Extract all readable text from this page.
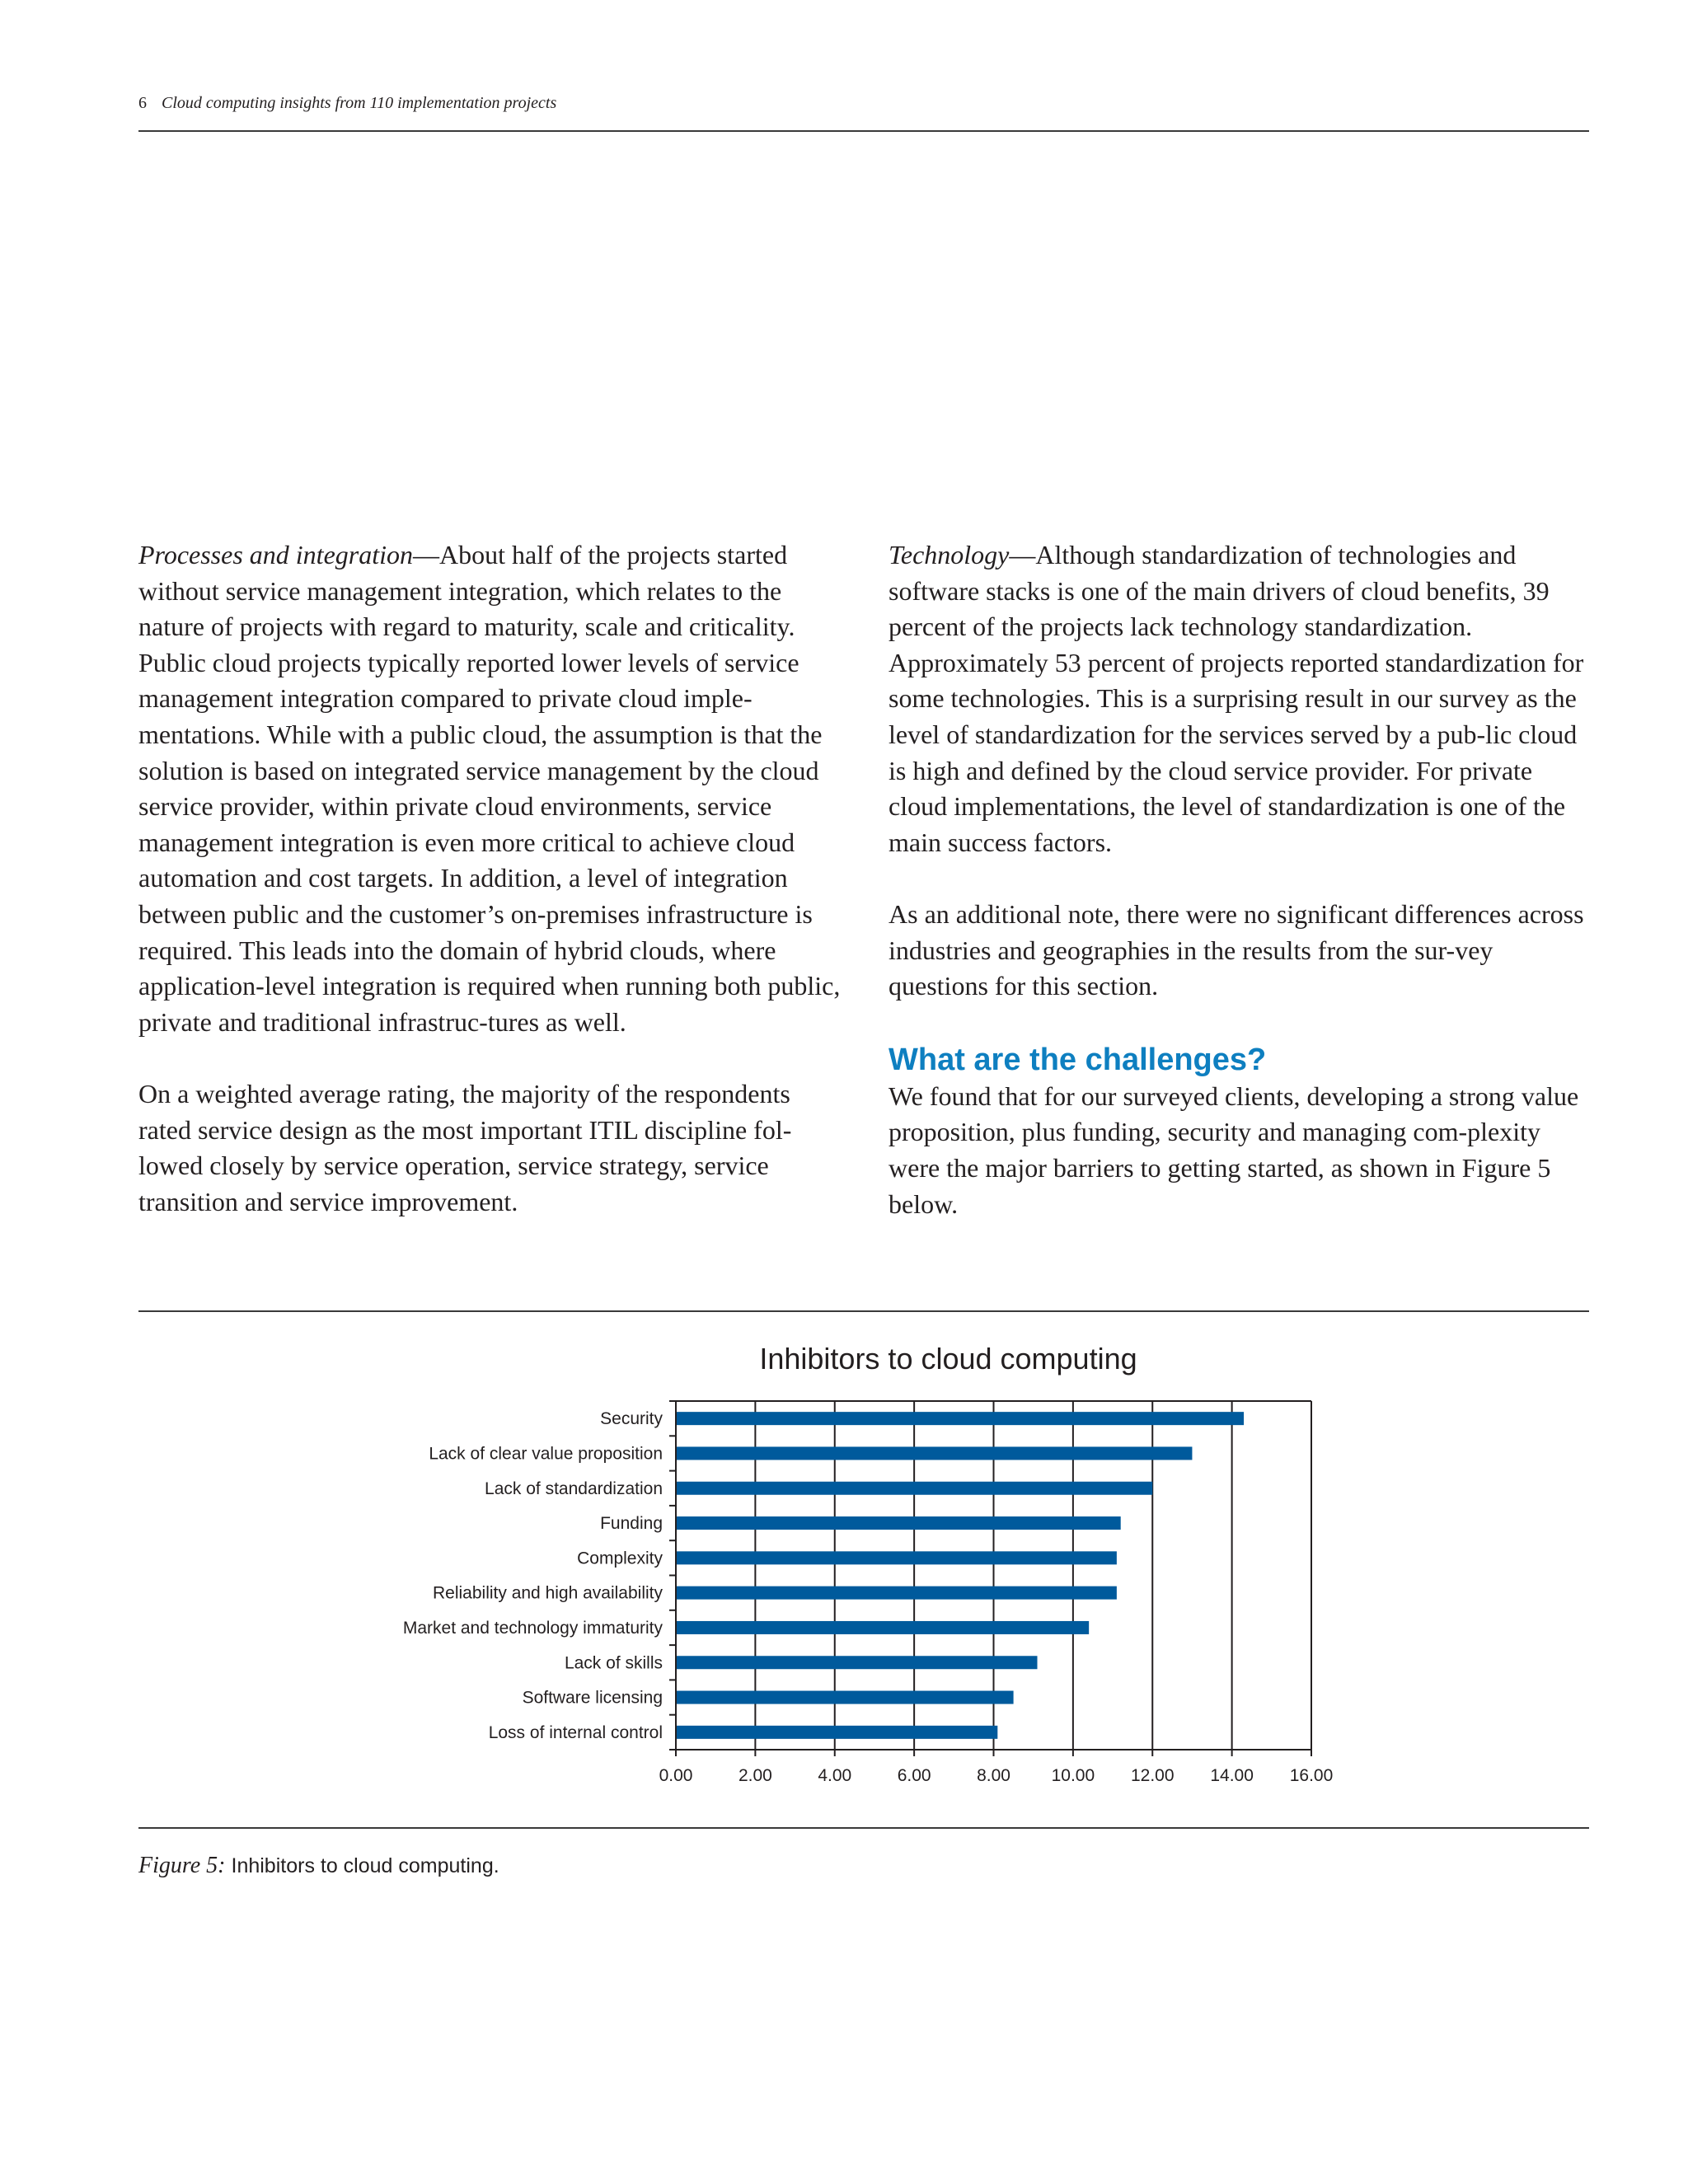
6 Cloud computing insights from 110 implementation projects

Processes and integration—About half of the projects started without service management integration, which relates to the nature of projects with regard to maturity, scale and criticality. Public cloud projects typically reported lower levels of service management integration compared to private cloud imple-mentations. While with a public cloud, the assumption is that the solution is based on integrated service management by the cloud service provider, within private cloud environments, service management integration is even more critical to achieve cloud automation and cost targets. In addition, a level of integration between public and the customer’s on-premises infrastructure is required. This leads into the domain of hybrid clouds, where application-level integration is required when running both public, private and traditional infrastruc-tures as well.

On a weighted average rating, the majority of the respondents rated service design as the most important ITIL discipline fol-lowed closely by service operation, service strategy, service transition and service improvement.

Technology—Although standardization of technologies and software stacks is one of the main drivers of cloud benefits, 39 percent of the projects lack technology standardization. Approximately 53 percent of projects reported standardization for some technologies. This is a surprising result in our survey as the level of standardization for the services served by a pub-lic cloud is high and defined by the cloud service provider. For private cloud implementations, the level of standardization is one of the main success factors.

As an additional note, there were no significant differences across industries and geographies in the results from the sur-vey questions for this section.

What are the challenges?

We found that for our surveyed clients, developing a strong value proposition, plus funding, security and managing com-plexity were the major barriers to getting started, as shown in Figure 5 below.

Inhibitors to cloud computing
Security
Lack of clear value proposition
Lack of standardization
Funding
Complexity
Reliability and high availability
Market and technology immaturity
Lack of skills
Software licensing
Loss of internal control
0.00	2.00	4.00	6.00	8.00 10.00 12.00 14.00 16.00
Figure 5: Inhibitors to cloud computing.
